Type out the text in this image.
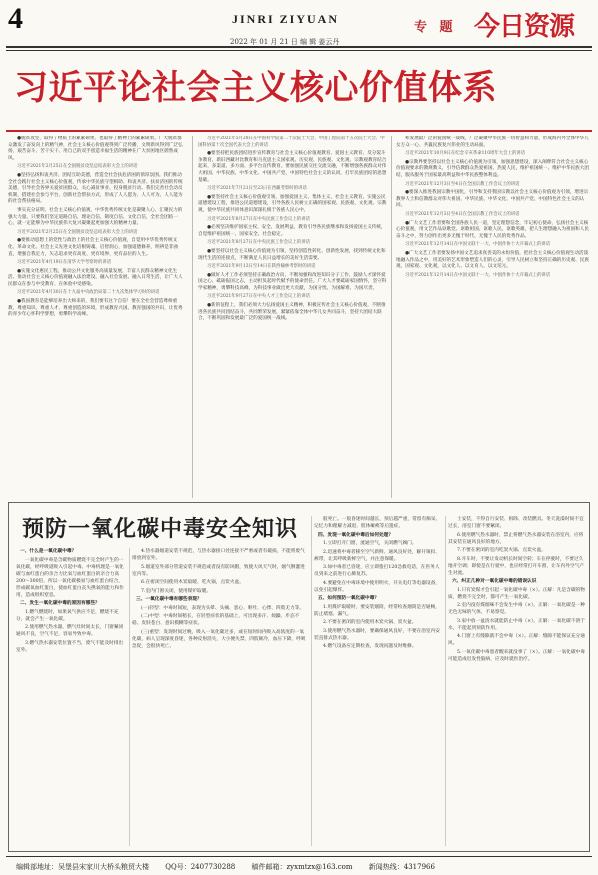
4	JINRI ZIYUAN
2022 年 01 月 21 日 编 辑 姜云丹
专 题 今日资源
习近平论社会主义核心价值体系

●脱贫攻坚，取得了物质上的累累硕果，也取得了精神上的累累硕果。广大脱贫群众激发了奋发向上的精气神，社会主义核心价值观得到广泛传播，文明新风得到广泛弘扬，艰苦奋斗、苦干实干、用自己的双手创造幸福生活的精神在广大贫困地区蔚然成风。

习近平2021年2月25日在全国脱贫攻坚总结表彰大会上的讲话

●坚持弘扬和衷共济、团结互助美德，营造全社会扶危济困的浓厚氛围。我们推动全社会践行社会主义核心价值观，传承中华民族守望相助、和衷共济、扶贫济困的传统美德，引导社会各界关爱贫困群众、关心减贫事业、投身脱贫行动。我们完善社会动员机制，搭建社会参与平台，创新社会帮扶方式，形成了人人愿为、人人可为、人人能为的社会帮扶格局。

事实充分证明，社会主义核心价值观，中华优秀传统文化是凝聚人心、汇聚民力的强大力量。只要我们坚定道路自信、理论自信、制度自信、文化自信，全社会团结一心，就一定能够为中华民族伟大复兴凝聚起更加强大的精神力量。

习近平2021年2月25日在全国脱贫攻坚总结表彰大会上的讲话

●要推动思想上的党性与政治上的社会主义核心价值观，自觉用中华优秀传统文化、革命文化、社会主义先进文化培根铸魂、启智润心，加强道德修养，明辨是非曲直，增强自我定力，矢志追求更有高度、更有境界、更有品位的人生。

习近平2021年4月19日在清华大学考察时的讲话

●实施文化惠民工程，推动公共文化服务高质量发展，丰富人民群众精神文化生活。推动社会主义核心价值观融入法治建设、融入社会发展、融入日常生活，让广大人民群众在参与中受教育、在体验中受感染。

习近平2021年4月30日在十九届中央政治局第二十九次集体学习时的讲话

●我国教育是能够培养出大师来的，我们要有这个自信！要在全社会营造尊师重教、尊重知识、尊重人才、尊重创造的环境，形成教育兴国、教育强国的共识，让优秀的青少年心怀科学梦想，勇攀科学高峰。

习近平2021年5月28日在中国科学院第二十次院士大会、中国工程院第十五次院士大会、中国科协第十次全国代表大会上的讲话

●要坚持把民族团结进步宣传教育与社会主义核心价值观教育、爱国主义教育、反分裂斗争教育、新旧西藏对比教育和马克思主义国家观、历史观、民族观、文化观、宗教观教育结合起来，多渠道、多方面、多平台宣传教育。要加强民族交往交流交融，不断增强各族群众对伟大祖国、中华民族、中华文化、中国共产党、中国特色社会主义的认同，打牢民族团结的思想基础。

习近平2021年7月21日至23日在西藏考察时的讲话

●要坚持社会主义核心价值观引领，加强爱国主义、集体主义、社会主义教育，实施公民道德建设工程，推进公民道德建设，引导各族人民树立正确的国家观、民族观、文化观、宗教观，使中华民族共同体意识深深扎根于各族人民心中。

习近平2021年8月27日在中央民族工作会议上的讲话

●必须坚决维护国家主权、安全、发展利益，教育引导各民族继承和发扬爱国主义传统，自觉维护祖国统一、国家安全、社会稳定。

习近平2021年8月27日在中央民族工作会议上的讲话

●要坚持以社会主义核心价值观为引领，坚持创造性转化、创新性发展，找到传统文化和现代生活的连接点，不断满足人民日益增长的美好生活需要。

习近平2021年9月13日至14日在陕西榆林考察时的讲话

●做好人才工作必须坚持正确政治方向，不断加强和改进知识分子工作，鼓励人才深怀爱国之心、砥砺报国之志，主动担负起时代赋予的使命责任。广大人才要砥砺家国情怀，坚守科学家精神，勇攀科技高峰，为科技事业做出更大贡献，为国分忧、为国解难、为国尽责。

习近平2021年9月27日在中央人才工作会议上的讲话

●新的征程上，我们必须大力弘扬爱国主义精神，积极宣传社会主义核心价值观，不断推进各民族共同团结奋斗，共同繁荣发展，紧紧依靠全体中华儿女共同奋斗，坚持大团结大联合，不断巩固和发展最广泛的爱国统一战线。

和发展最广泛的爱国统一战线，广泛凝聚中华民族一切智慧和力量，形成海内外全体中华儿女万众一心、共襄民族复兴伟业的生动局面。

习近平2021年10月9日在纪念辛亥革命110周年大会上的讲话

●宗教界要坚持以社会主义核心价值观为引领，加强思想建设，深入阐释符合社会主义核心价值观要求的教规教义，引导信教群众热爱祖国、热爱人民，维护祖国统一、维护中华民族大团结，服从服务于国家最高利益和中华民族整体利益。

习近平2021年12月3日至4日在全国宗教工作会议上的讲话

●要深入推进我国宗教中国化，引导和支持我国宗教以社会主义核心价值观为引领，增进宗教界人士和信教群众对伟大祖国、中华民族、中华文化、中国共产党、中国特色社会主义的认同。

习近平2021年12月3日至4日在全国宗教工作会议上的讲话

●广大文艺工作者要和全国各族人民一道，坚定理想信念，牢记初心使命，弘扬社会主义核心价值观，用文艺作品讴歌党、讴歌祖国、讴歌人民、讴歌英雄，把人生理想融入为祖国和人民奋斗之中，努力创作出更多无愧于时代、无愧于人民的优秀作品。

习近平2021年12月14日在中国文联十一大、中国作协十大开幕式上的讲话

●广大文艺工作者要发扬中国文艺追求真善美的永恒价值，把社会主义核心价值观生动活泼地融入作品之中，用美好的艺术形象塑造人们的心灵，引导人民树立和坚持正确的历史观、民族观、国家观、文化观，以文化人、以文育人、以文培元。

习近平2021年12月14日在中国文联十一大、中国作协十大开幕式上的讲话

预防一氧化碳中毒安全知识

一、什么是一氧化碳中毒？

一氧化碳中毒是含碳物质燃烧不完全时产生的一氧化碳，经呼吸道吸入引起中毒。中毒机理是一氧化碳与血红蛋白的亲合力比氧与血红蛋白的亲合力高200～300倍，所以一氧化碳极易与血红蛋白结合，形成碳氧血红蛋白，使血红蛋白丧失携氧的能力和作用，造成组织窒息。

二、发生一氧化碳中毒的原因有哪些？

1.燃气燃烧时，如果氧气供应不足，燃烧不充分，就会产生一氧化碳。

2.使用燃气热水器，燃气灶时间太长，门窗紧闭通风不良，空气不足，容易导致中毒。

3.燃气热水器安装位置不当，废气不能及时排出室外。

4.热水器烟道安装不规范，与热水器接口处连接不严密或者有破损，不能将废气排放到室外。

5.烟道室外部分管道安装不规范或者没有防风帽，致使大风天气时，烟气倒灌进室内等。

6.在密闭空间使用木炭取暖、吃火锅，点炭火盆。

7.室内门窗关闭，使用煤炉取暖。

三、一氧化碳中毒有哪些表现？

(一)轻型：中毒时间短，表现为头晕、头痛、恶心、呕吐、心悸、四肢无力等。

(二)中型：中毒时间稍长，在轻型症状的基础上，可出现多汗、烦躁、步态不稳、皮肤苍白、意识模糊等症状。

(三)重型：发现时间过晚，吸入一氧化碳过多，或在短时间内吸入高浓度的一氧化碳，病人呈现深度昏迷，各种反射消失，大小便失禁，四肢厥冷，血压下降，呼吸急促，会很快死亡。

般死亡。一般昏迷时间越长，预后越严重，常留有痴呆、记忆力和理解力减退、肢体瘫痪等后遗症。

四、发现一氧化碳中毒后如何处理？

1.立即打开门窗，流通空气，关闭燃气阀门。

2.迅速将中毒者移至空气新鲜、通风良好处，解开领扣、裤带，让其呼吸新鲜空气，并注意保暖。

3.如中毒者已昏迷，应立即拨打120急救电话，在医务人员到来之前进行心肺复苏。

4.要避免在中毒环境中使用明火、开关电灯等电器设备，以免引起爆炸。

五、如何预防一氧化碳中毒？

1.用煤炉取暖时，要安装烟筒，经常检查烟筒是否通畅，防止堵塞、漏气。

2.不要在密闭的室内使用木炭火锅、炭火盆。

3.使用燃气热水器时，要确保通风良好，不要在浴室内安装直排式热水器。

4.燃气设备应定期检查，发现问题及时维修。

士安装，不得自行安装、拆除、改装燃具。冬天洗澡时间不宜过长，浴室门窗不要紧闭。

6.使用燃气热水器时，禁止将燃气热水器安装在浴室内，应将其安装在通风良好的地方。

7.不要在密闭的室内吃炭火锅、点炭火盆。

8.开车时，不要让发动机长时间空转；车在停驶时，不要过久地开空调；即使是在行驶中，也应经常打开车窗，让车内外空气产生对流。

六、纠正几种对一氧化碳中毒的错误认识

1.只有炭煤才会引起一氧化碳中毒（×）。正解：凡是含碳的物质，燃烧不完全时，都可产生一氧化碳。

2.室内没有煤烟味不会发生中毒（×）。正解：一氧化碳是一种无色无味的气体，不易察觉。

3.家中放一盆清水就能防止中毒（×）。正解：一氧化碳不溶于水，不能起到预防作用。

4.门窗上有缝隙就不会中毒（×）。正解：缝隙不能保证充分通风。

5.一氧化碳中毒患者醒来就没事了（×）。正解：一氧化碳中毒可能造成迟发性脑病，应及时就医治疗。

编辑部地址：吴堡县宋家川大桥头粮贸大楼 QQ号：2407730288 稿件邮箱：zyxmtzx@163.com 新闻热线：4317966
